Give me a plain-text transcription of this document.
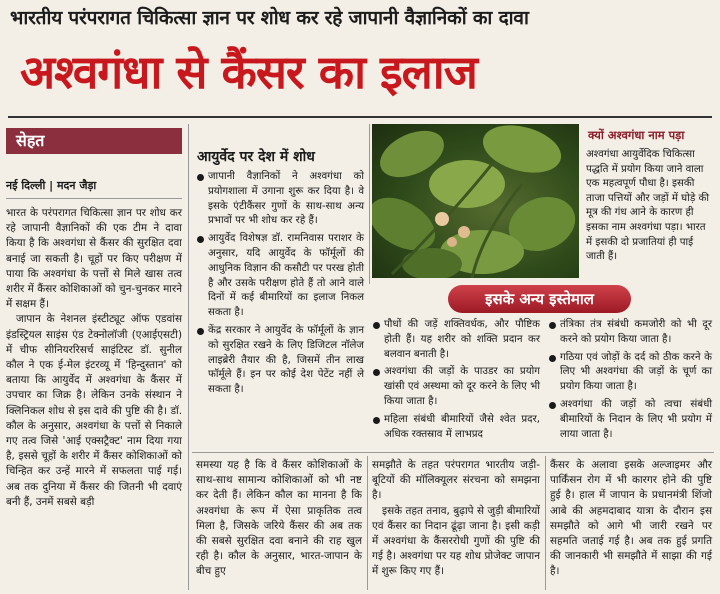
भारतीय परंपरागत चिकित्सा ज्ञान पर शोध कर रहे जापानी वैज्ञानिकों का दावा
अश्वगंधा से कैंसर का इलाज
सेहत
नई दिल्ली | मदन जैड़ा

भारत के परंपरागत चिकित्सा ज्ञान पर शोध कर रहे जापानी वैज्ञानिकों की एक टीम ने दावा किया है कि अश्वगंधा से कैंसर की सुरक्षित दवा बनाई जा सकती है। चूहों पर किए परीक्षण में पाया कि अश्वगंधा के पत्तों से मिले खास तत्व शरीर में कैंसर कोशिकाओं को चुन-चुनकर मारने में सक्षम हैं।

जापान के नेशनल इंस्टीट्यूट ऑफ एडवांस इंडस्ट्रियल साइंस एंड टेक्नोलॉजी (एआईएसटी) में चीफ सीनियररिसर्च साइंटिस्ट डॉ. सुनील कौल ने एक ई-मेल इंटरव्यू में 'हिन्दुस्तान' को बताया कि आयुर्वेद में अश्वगंधा के कैंसर में उपचार का जिक्र है। लेकिन उनके संस्थान ने क्लिनिकल शोध से इस दावे की पुष्टि की है। डॉ. कौल के अनुसार, अश्वगंधा के पत्तों से निकाले गए तत्व जिसे 'आई एक्सट्रैक्ट' नाम दिया गया है, इससे चूहों के शरीर में कैंसर कोशिकाओं को चिन्हित कर उन्हें मारने में सफलता पाई गई। अब तक दुनिया में कैंसर की जितनी भी दवाएं बनी हैं, उनमें सबसे बड़ी

आयुर्वेद पर देश में शोध
जापानी वैज्ञानिकों ने अश्वगंधा को प्रयोगशाला में उगाना शुरू कर दिया है। वे इसके एंटीकैंसर गुणों के साथ-साथ अन्य प्रभावों पर भी शोध कर रहे हैं।
आयुर्वेद विशेषज्ञ डॉ. रामनिवास पराशर के अनुसार, यदि आयुर्वेद के फॉर्मूलों की आधुनिक विज्ञान की कसौटी पर परख होती है और उसके परीक्षण होते हैं तो आने वाले दिनों में कई बीमारियों का इलाज निकल सकता है।
केंद्र सरकार ने आयुर्वेद के फॉर्मूलों के ज्ञान को सुरक्षित रखने के लिए डिजिटल नॉलेज लाइब्रेरी तैयार की है, जिसमें तीन लाख फॉर्मूले हैं। इन पर कोई देश पेटेंट नहीं ले सकता है।
क्यों अश्वगंधा नाम पड़ा
अश्वगंधा आयुर्वेदिक चिकित्सा पद्धति में प्रयोग किया जाने वाला एक महत्वपूर्ण पौधा है। इसकी ताजा पत्तियों और जड़ों में घोड़े की मूत्र की गंध आने के कारण ही इसका नाम अश्वगंधा पड़ा। भारत में इसकी दो प्रजातियां ही पाई जाती हैं।
इसके अन्य इस्तेमाल
पौधों की जड़ें शक्तिवर्धक, और पौष्टिक होती हैं। यह शरीर को शक्ति प्रदान कर बलवान बनाती है।
अश्वगंधा की जड़ों के पाउडर का प्रयोग खांसी एवं अस्थमा को दूर करने के लिए भी किया जाता है।
महिला संबंधी बीमारियों जैसे श्वेत प्रदर, अधिक रक्तस्राव में लाभप्रद
तंत्रिका तंत्र संबंधी कमजोरी को भी दूर करने को प्रयोग किया जाता है।
गठिया एवं जोड़ों के दर्द को ठीक करने के लिए भी अश्वगंधा की जड़ों के चूर्ण का प्रयोग किया जाता है।
अश्वगंधा की जड़ों को त्वचा संबंधी बीमारियों के निदान के लिए भी प्रयोग में लाया जाता है।
समस्या यह है कि वे कैंसर कोशिकाओं के साथ-साथ सामान्य कोशिकाओं को भी नष्ट कर देती हैं। लेकिन कौल का मानना है कि अश्वगंधा के रूप में ऐसा प्राकृतिक तत्व मिला है, जिसके जरिये कैंसर की अब तक की सबसे सुरक्षित दवा बनाने की राह खुल रही है। कौल के अनुसार, भारत-जापान के बीच हुए

समझौते के तहत परंपरागत भारतीय जड़ी-बूटियों की मॉलिक्यूलर संरचना को समझना है।

इसके तहत तनाव, बुढ़ापे से जुड़ी बीमारियों एवं कैंसर का निदान ढूंढ़ा जाना है। इसी कड़ी में अश्वगंधा के कैंसररोधी गुणों की पुष्टि की गई है। अश्वगंधा पर यह शोध प्रोजेक्ट जापान में शुरू किए गए हैं।

कैंसर के अलावा इसके अल्जाइमर और पार्किंसन रोग में भी कारगर होने की पुष्टि हुई है। हाल में जापान के प्रधानमंत्री शिंजो आबे की अहमदाबाद यात्रा के दौरान इस समझौते को आगे भी जारी रखने पर सहमति जताई गई है। अब तक हुई प्रगति की जानकारी भी समझौते में साझा की गई है।
